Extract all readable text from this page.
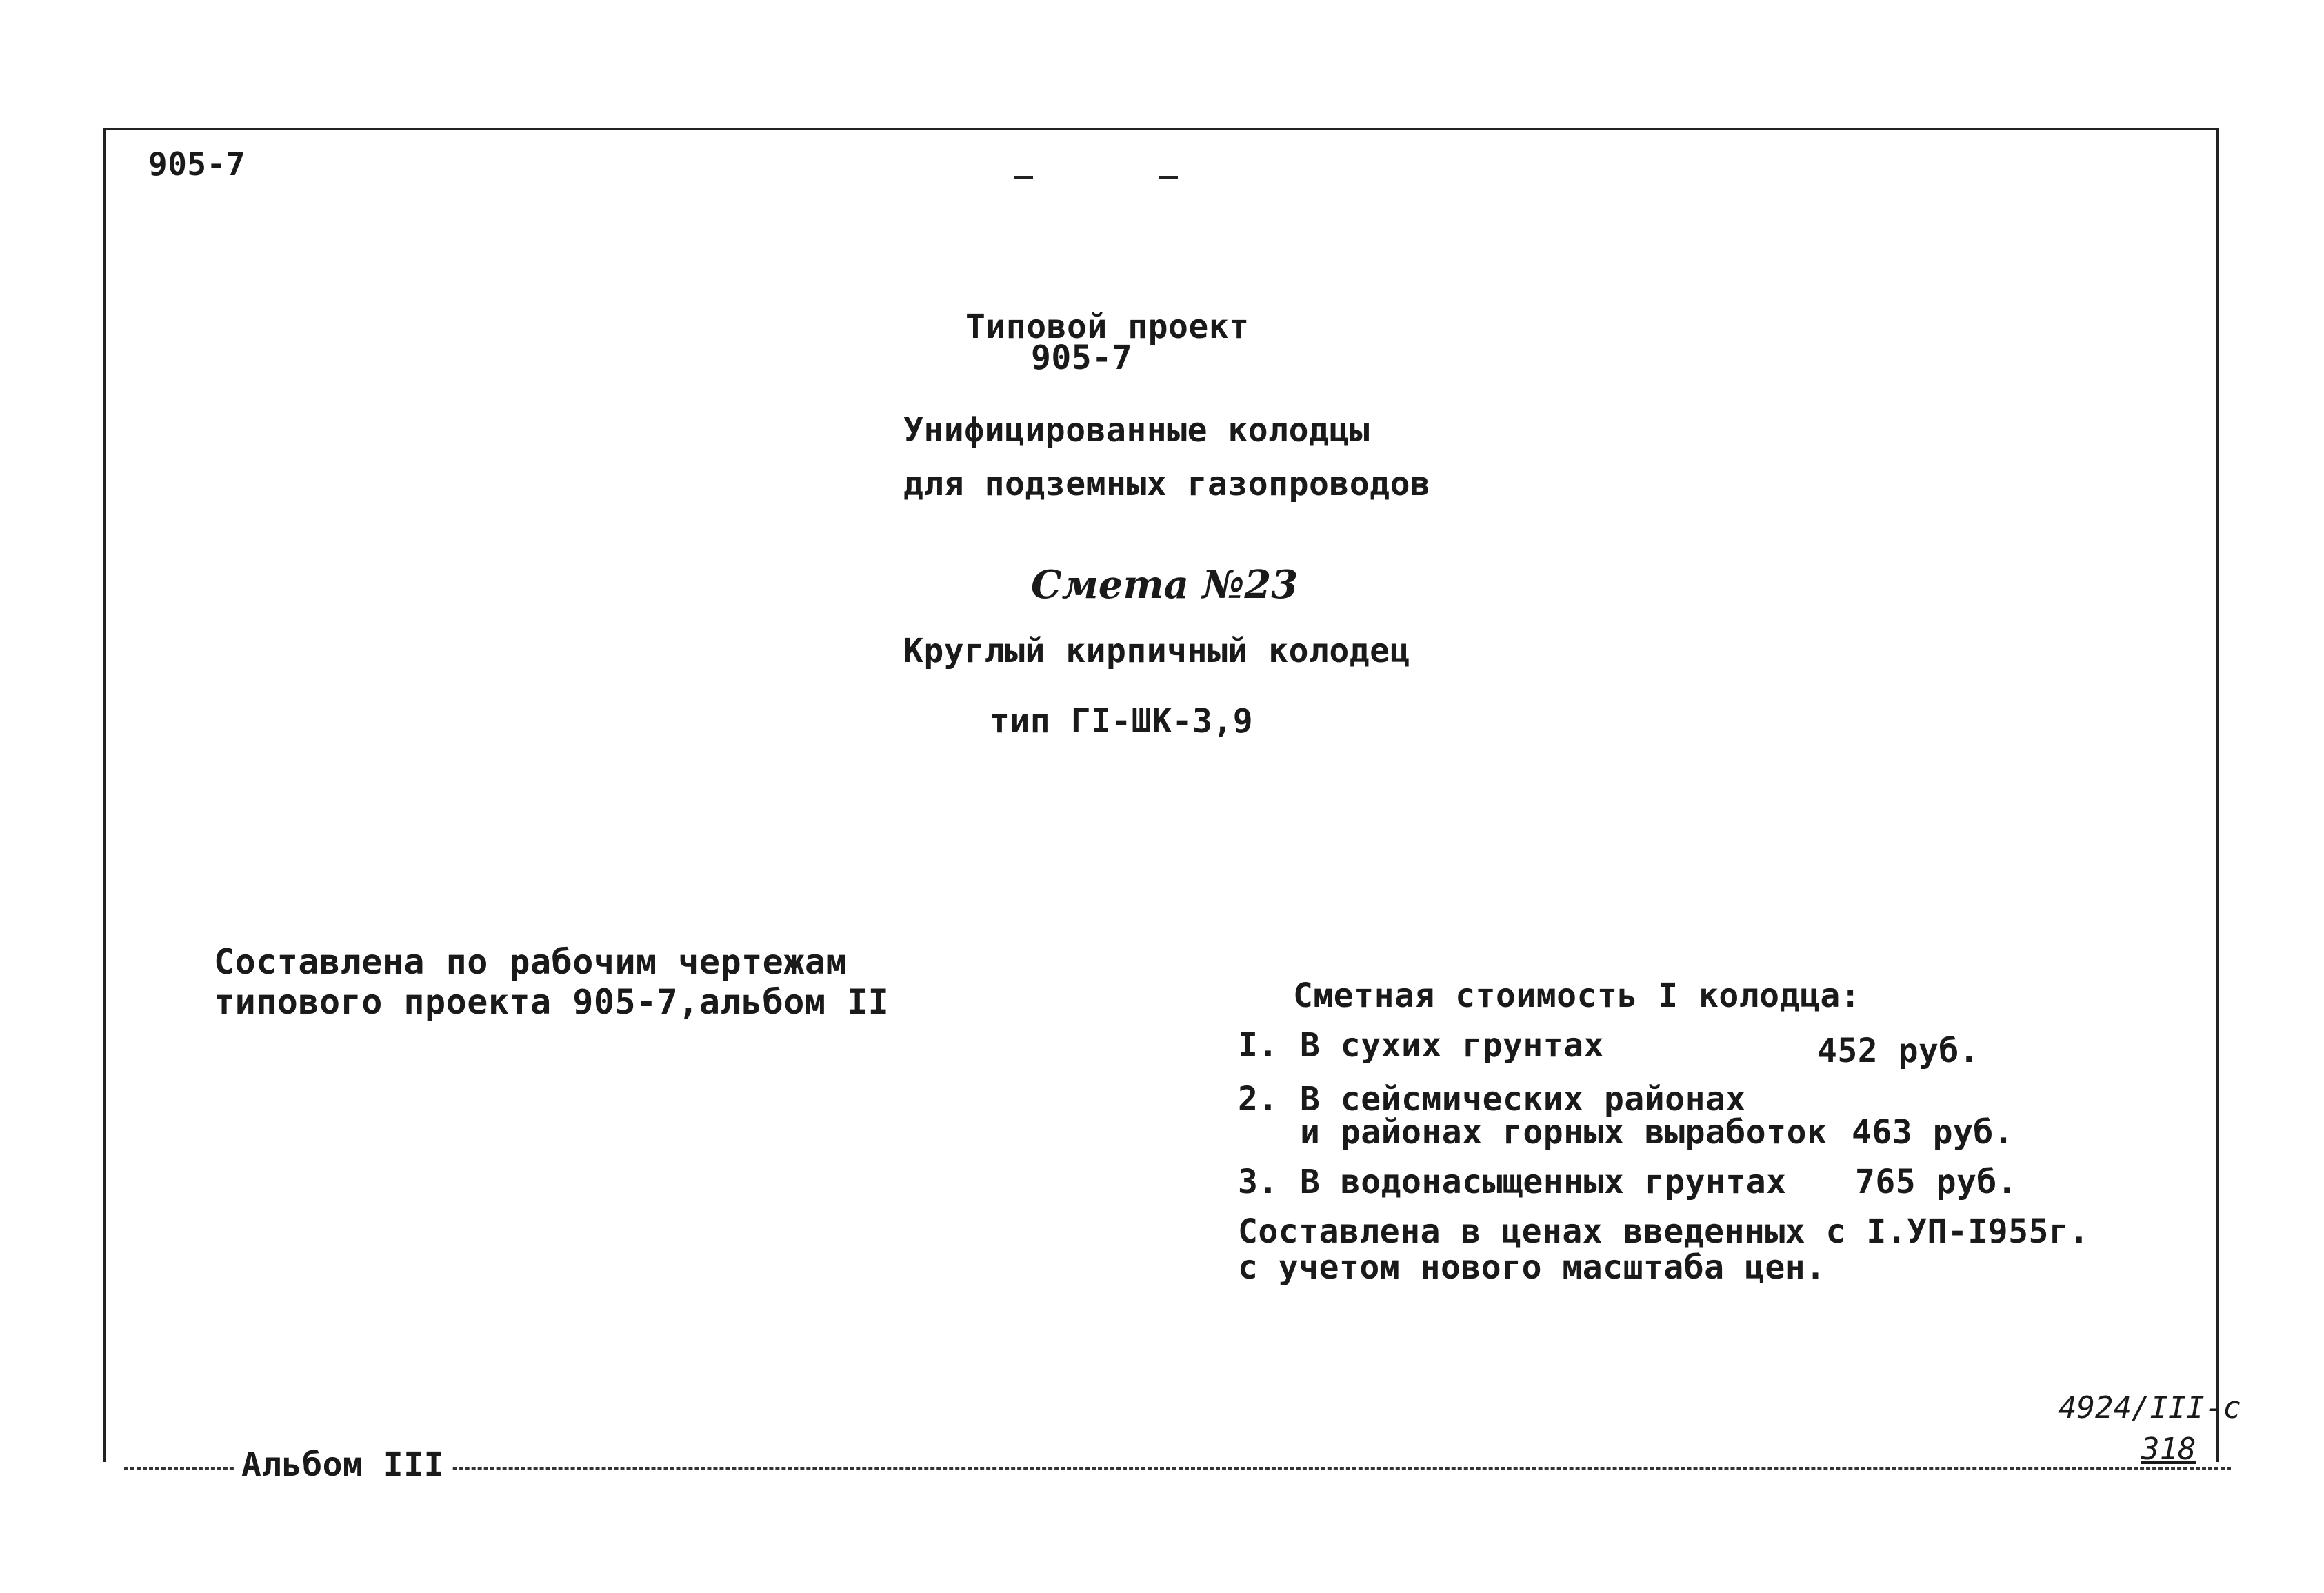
905-7
Типовой проект
905-7
Унифицированные колодцы
для подземных газопроводов
Смета №23
Круглый кирпичный колодец
тип ГI-ШК-3,9
Составлена по рабочим чертежам
типового проекта 905-7,альбом II	Сметная стоимость I колодца:
I. В сухих грунтах	452 руб.
2. В сейсмических районах
и районах горных выработок 463 руб.
3. В водонасыщенных грунтах 765 руб.
Составлена в ценах введенных с I.УП-I955г.
с учетом нового масштаба цен.
4924/III-с
318
Альбом III
